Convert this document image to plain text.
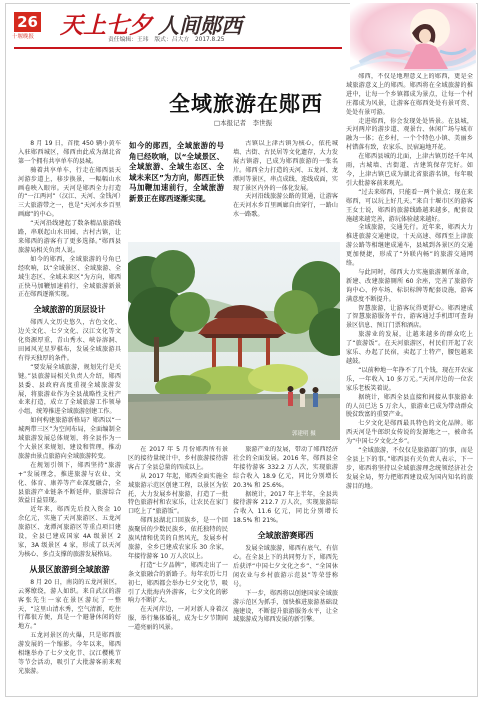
26
十堰晚报 天上七夕 人间郧西
责任编辑：王玮　版式：吕大方　2017.8.25
全域旅游在郧西
□本报记者　李世振

8 月 19 日，首批 450 辆小黄车入驻郧西城区，郧西由此成为湖北省第一个拥有共享单车的县城。

骑着共享单车，行走在郧西县天河游步道上，移步换景，一幅幅山水画卷映入眼帘。天河是郧西全力打造的“一江两河”（汉江、天河、金钱河）三大旅游带之一，也是“天河水乡百里画廊”的中心。

“天河沿线建起了数条精品旅游线路，串联起山水田园、古村古镇，让来郧西的游客有了更多选择。”郧西县旅游局相关负责人说。

如今的郧西，全域旅游的号角已经吹响，以“全域景区、全域旅游、全域生态区、全域未来区”为方向，郧西正快马加鞭加速前行，全域旅游新景正在郧西逐渐实现。

全域旅游的顶层设计

郧西人文历史悠久，古色文化、边关文化、七夕文化、汉江文化等文化资源厚重，青山秀水、峡谷溶洞、田园风光星罗棋布，发展全域旅游具有得天独厚的条件。

“要发展全域旅游，规划先行是关键。”县旅游局相关负责人介绍，郧西县委、县政府高度重视全域旅游发展，将旅游业作为全县战略性支柱产业来打造，成立了全域旅游工作领导小组，统筹推进全域旅游创建工作。

如何构建旅游新格局？郧西以“一城两带三区”为空间布局，全面编制全域旅游发展总体规划，将全县作为一个大景区来规划、建设和管理，推动旅游由景点旅游向全域旅游转变。

在规划引领下，郧西坚持“旅游+”发展理念，推进旅游与农业、文化、体育、康养等产业深度融合，全县旅游产业链条不断延伸，旅游综合效益日益显现。

近年来，郧西先后投入资金 10 余亿元，实施了天河旅游区、五龙河旅游区、龙潭河旅游区等重点项目建设，全县已建成国家 4A 级景区 2 家，3A 级景区 4 家，形成了以天河为核心、多点支撑的旅游发展格局。

从景区旅游到全域旅游

8 月 20 日，南岗的五龙河景区，云雾缭绕，游人如织。来自武汉的游客张先生一家在景区游玩了一整天，“这里山清水秀，空气清新，吃住行都很方便，真是一个避暑休闲的好地方。”

五龙河景区的火爆，只是郧西旅游发展的一个缩影。今年以来，郧西相继举办了七夕文化节、汉江樱桃节等节会活动，吸引了大批游客前来观光旅游。

如今的郧西，全域旅游的号角已经吹响，以“全域景区、全域旅游、全域生态区、全域未来区”为方向，郧西正快马加鞭加速前行，全域旅游新景正在郧西逐渐实现。

古镇以上津古镇为核心，依托城墙、古街、古民居等文化遗存，大力发展古镇游，已成为郧西旅游的一张名片。郧西全力打造的天河、五龙河、龙潭河等景区，串点成线、连线成面，实现了景区内外的一体化发展。

天河沿线旅游公路的贯通，让游客在天河水乡百里画廊自由穿行，一路山水一路歌。

郭建明 摄

在 2017 年 5 月份郧西所有景区的接待量统计中，乡村旅游接待游客占了全县总量的四成以上。

从 2017 年起，郧西全面实施全域旅游示范区创建工程，以景区为依托，大力发展乡村旅游，打造了一批特色旅游村和农家乐，让农民在家门口吃上了“旅游饭”。

郧西县湖北口回族乡，是一个回族聚居的少数民族乡，依托独特的民族风情和优美的自然风光，发展乡村旅游，全乡已建成农家乐 30 余家，年接待游客 10 万人次以上。

打造“七夕品牌”，郧西走出了一条文旅融合的新路子。每年农历七月初七，郧西都会举办七夕文化节，吸引了大批海内外游客，七夕文化的影响力不断扩大。

在天河岸边，一对对新人身着汉服，举行集体婚礼，成为七夕节期间一道亮丽的风景。

旅游产业的发展，带动了郧西经济社会的全面发展。2016 年，郧西县全年接待游客 332.2 万人次，实现旅游综合收入 18.9 亿元，同比分别增长 20.3% 和 25.6%。

据统计，2017 年上半年，全县共接待游客 212.7 万人次，实现旅游综合收入 11.6 亿元，同比分别增长 18.5% 和 21%。

全域旅游赛郧西

发展全域旅游，郧西有底气、有信心。在全县上下的共同努力下，郧西先后获评“中国七夕文化之乡”、“全国休闲农业与乡村旅游示范县”等荣誉称号。

下一步，郧西将以创建国家全域旅游示范区为抓手，加快推进旅游基础设施建设，不断提升旅游服务水平，让全域旅游成为郧西发展的新引擎。

郧西，不仅是地理意义上的郧西，更是全域旅游意义上的郧西。郧西将在全域旅游的推进中，让每一个乡镇都成为景点，让每一个村庄都成为风景，让游客在郧西处处有景可赏、处处有景可游。

走进郧西，你会发现处处皆景。在县城，天河两岸的游步道、观景台、休闲广场与城市融为一体；在乡村，一个个特色小镇、美丽乡村错落有致，农家乐、民宿遍地开花。

在郧西县城的北面，上津古镇历经千年风雨，古城墙、古街道、古建筑保存完好。如今，上津古镇已成为湖北省旅游名镇，每年吸引大批游客前来观光。

“过去来郧西，只能看一两个景点；现在来郧西，可以玩上好几天。”来自十堰市区的游客王女士说，郧西的旅游线路越来越多，配套设施越来越完善，游玩体验越来越好。

全域旅游，交通先行。近年来，郧西大力推进旅游交通建设，十天高速、郧西至上津旅游公路等相继建成通车，县城到各景区的交通更加便捷，形成了“外联内畅”的旅游交通网络。

与此同时，郧西大力实施旅游厕所革命，新建、改建旅游厕所 60 余座，完善了旅游咨询中心、停车场、标识标牌等配套设施，游客满意度不断提升。

智慧旅游，让游客玩得更舒心。郧西建成了智慧旅游服务平台，游客通过手机即可查询景区信息、预订门票和酒店。

旅游业的发展，让越来越多的群众吃上了“旅游饭”。在天河旅游区，村民们开起了农家乐、办起了民宿，卖起了土特产，腰包越来越鼓。

“以前种地一年挣不了几个钱，现在开农家乐，一年收入 10 多万元。”天河岸边的一位农家乐老板笑着说。

据统计，郧西全县直接和间接从事旅游业的人员已达 5 万余人，旅游业已成为带动群众脱贫致富的重要产业。

七夕文化是郧西最具特色的文化品牌。郧西天河是牛郎织女传说的发源地之一，被命名为“中国七夕文化之乡”。

“全域旅游，不仅仅是旅游部门的事，而是全县上下的事。”郧西县有关负责人表示，下一步，郧西将坚持以全域旅游理念统领经济社会发展全局，努力把郧西建设成为国内知名的旅游目的地。
